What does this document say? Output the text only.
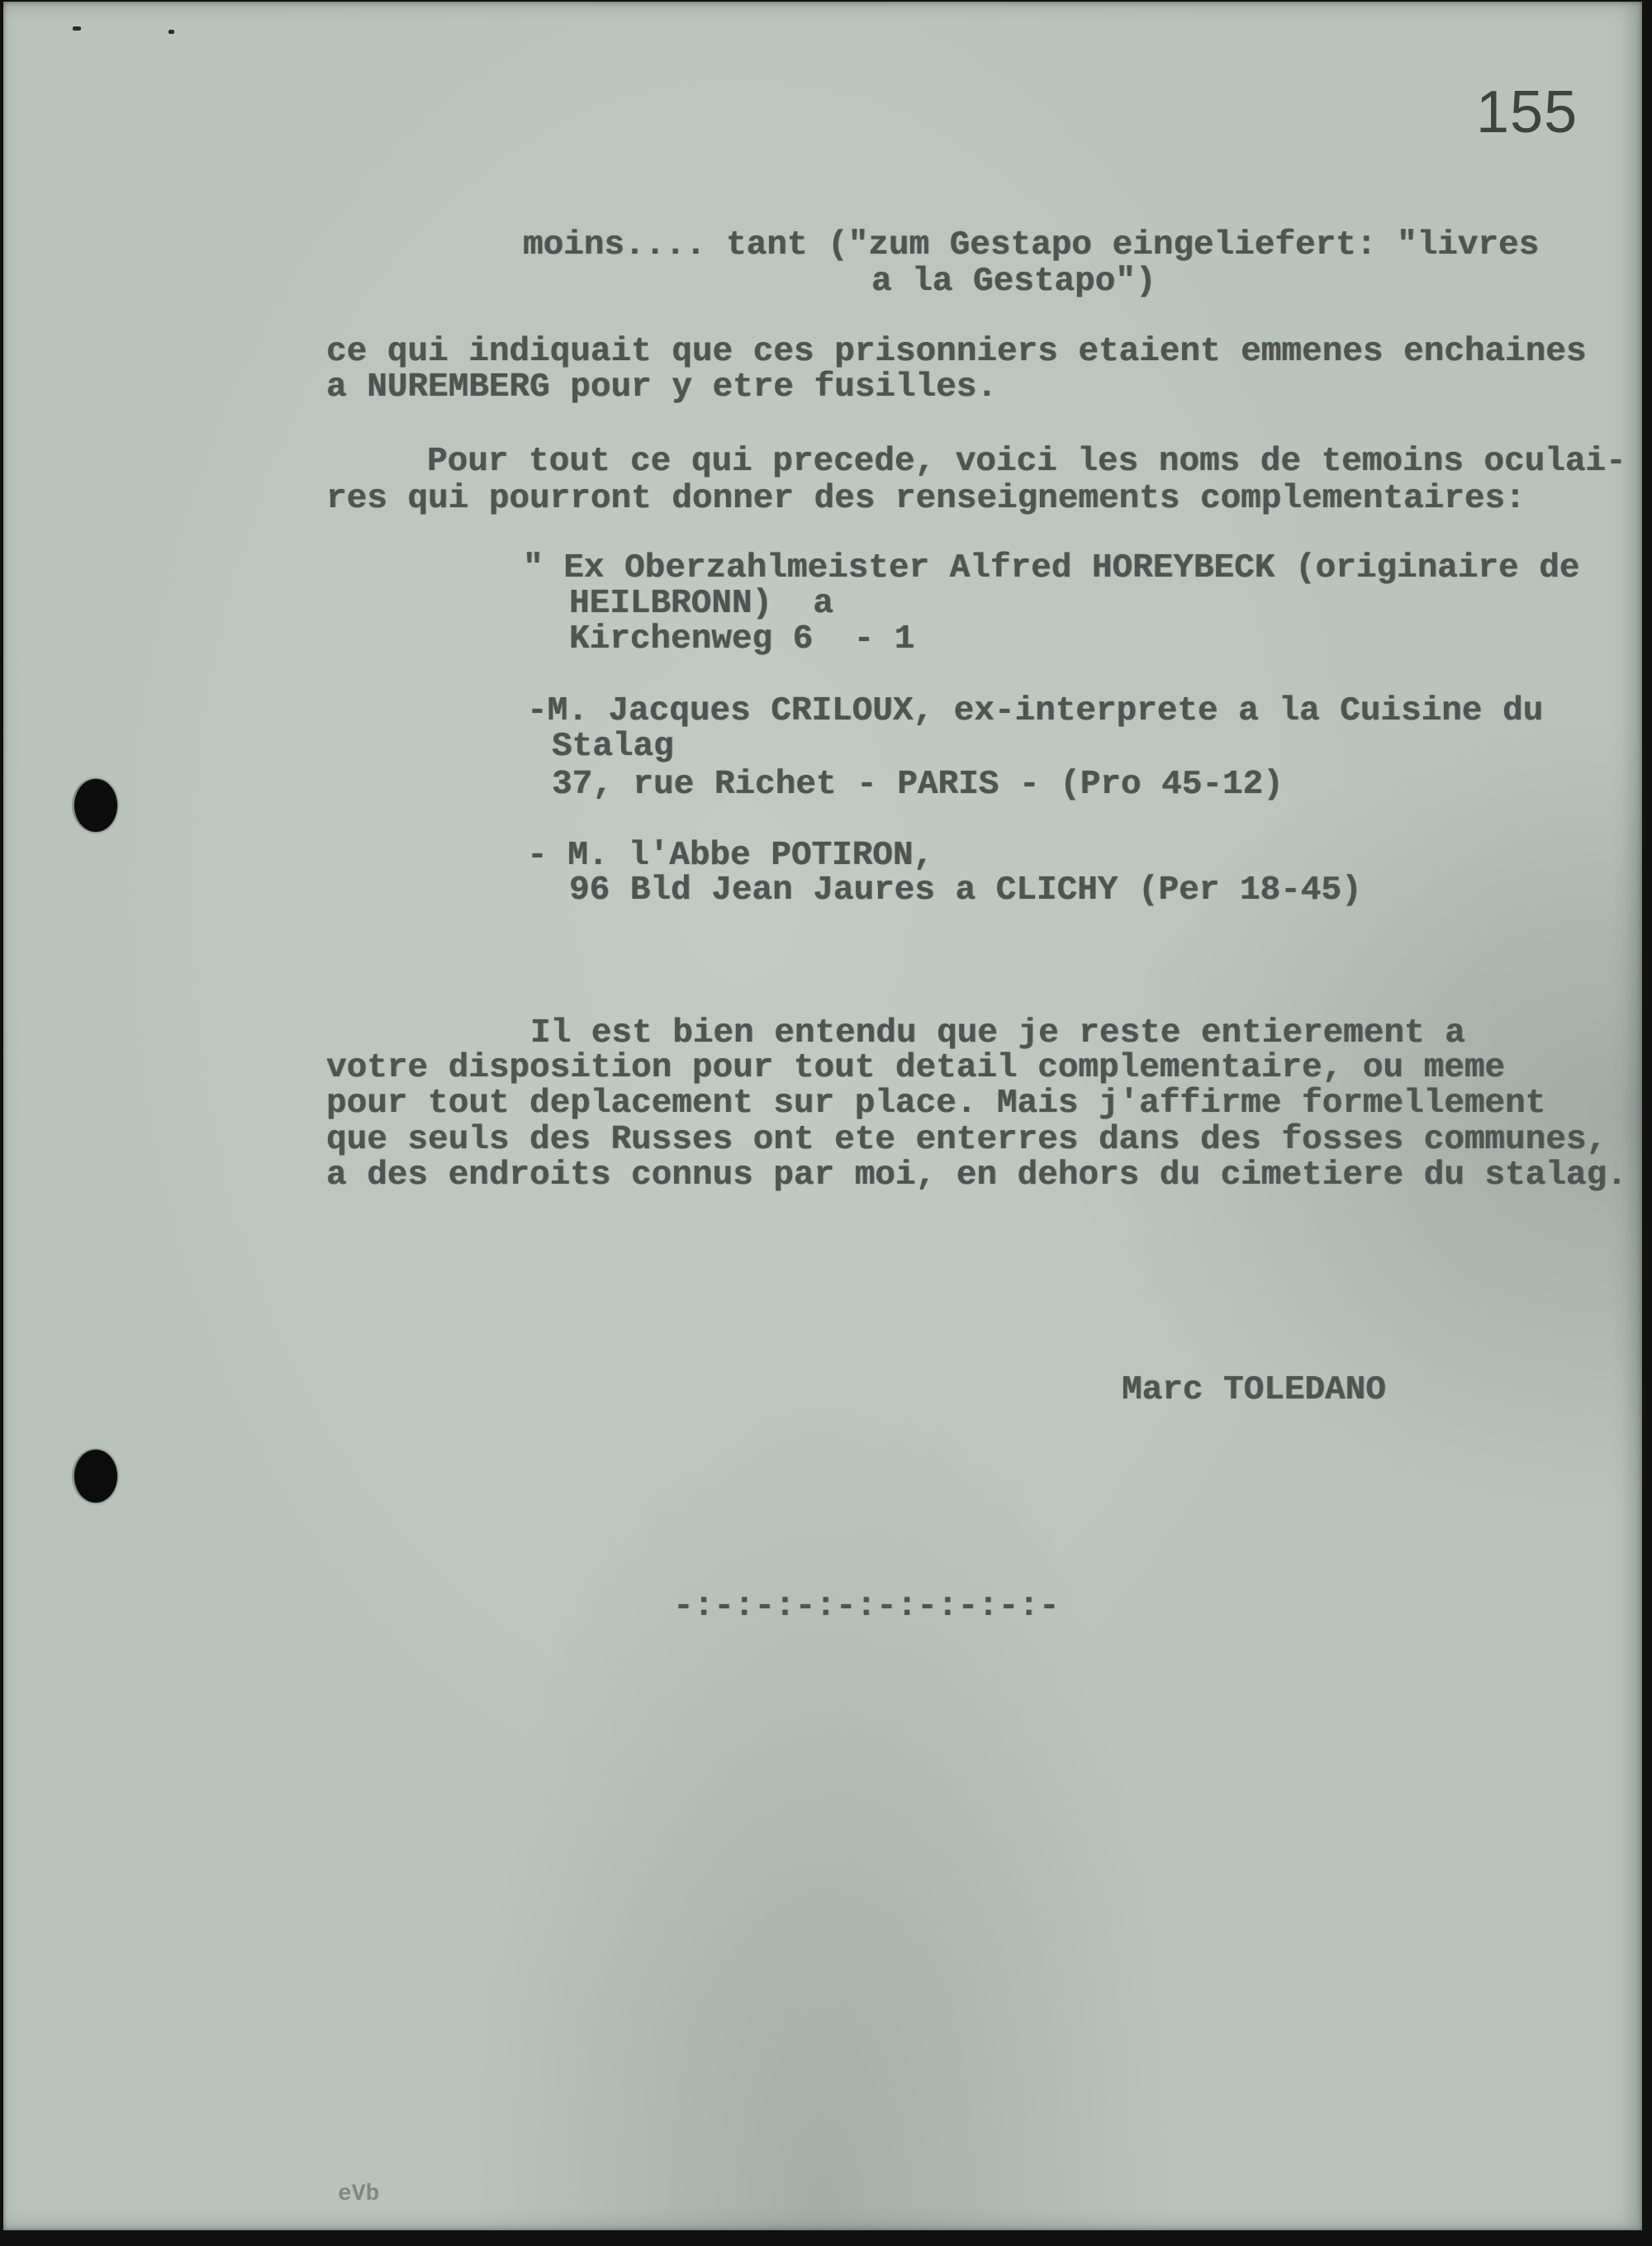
155
moins.... tant ("zum Gestapo eingeliefert: "livres
a la Gestapo")
ce qui indiquait que ces prisonniers etaient emmenes enchaines
a NUREMBERG pour y etre fusilles.
Pour tout ce qui precede, voici les noms de temoins oculai-
res qui pourront donner des renseignements complementaires:
" Ex Oberzahlmeister Alfred HOREYBECK (originaire de
HEILBRONN)  a
Kirchenweg 6  - 1
-M. Jacques CRILOUX, ex-interprete a la Cuisine du
Stalag
37, rue Richet - PARIS - (Pro 45-12)
- M. l'Abbe POTIRON,
96 Bld Jean Jaures a CLICHY (Per 18-45)
Il est bien entendu que je reste entierement a
votre disposition pour tout detail complementaire, ou meme
pour tout deplacement sur place. Mais j'affirme formellement
que seuls des Russes ont ete enterres dans des fosses communes,
a des endroits connus par moi, en dehors du cimetiere du stalag.
Marc TOLEDANO
-:-:-:-:-:-:-:-:-:-
eVb
